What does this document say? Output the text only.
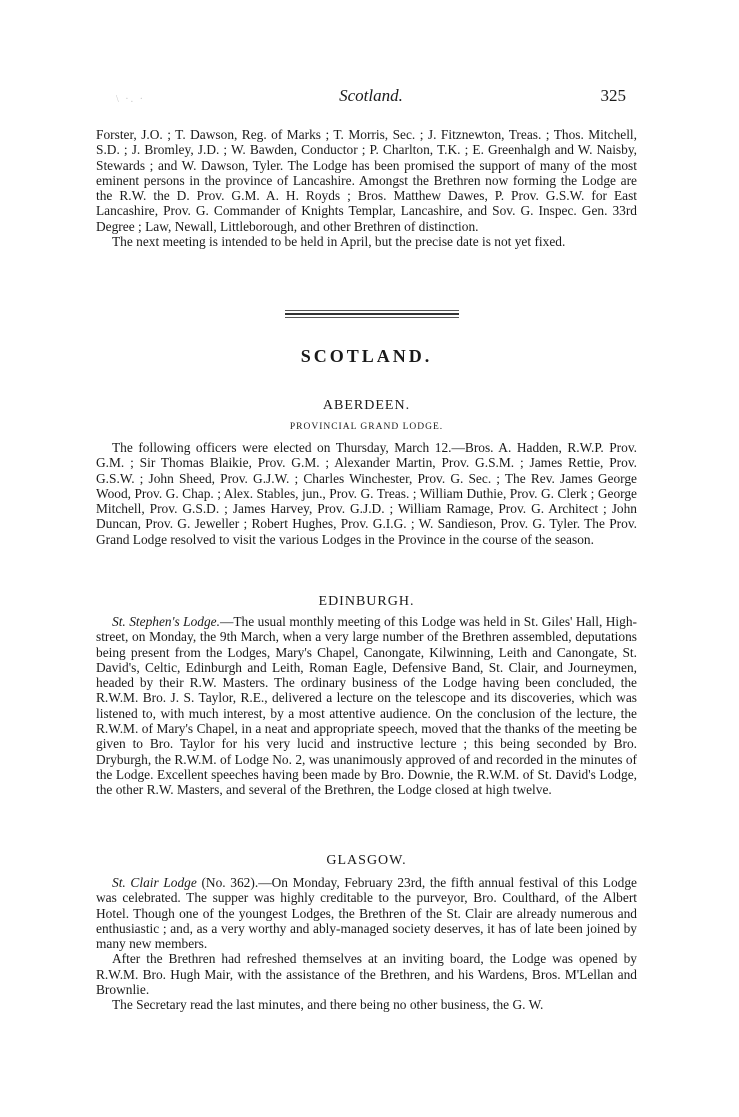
\ ·. ·	Scotland.	325

Forster, J.O. ; T. Dawson, Reg. of Marks ; T. Morris, Sec. ; J. Fitznewton, Treas. ; Thos. Mitchell, S.D. ; J. Bromley, J.D. ; W. Bawden, Conductor ; P. Charlton, T.K. ; E. Greenhalgh and W. Naisby, Stewards ; and W. Dawson, Tyler. The Lodge has been promised the support of many of the most eminent persons in the province of Lancashire. Amongst the Brethren now forming the Lodge are the R.W. the D. Prov. G.M. A. H. Royds ; Bros. Matthew Dawes, P. Prov. G.S.W. for East Lancashire, Prov. G. Commander of Knights Templar, Lancashire, and Sov. G. Inspec. Gen. 33rd Degree ; Law, Newall, Littleborough, and other Brethren of distinction.

The next meeting is intended to be held in April, but the precise date is not yet fixed.

SCOTLAND.
ABERDEEN.
PROVINCIAL GRAND LODGE.

The following officers were elected on Thursday, March 12.—Bros. A. Hadden, R.W.P. Prov. G.M. ; Sir Thomas Blaikie, Prov. G.M. ; Alexander Martin, Prov. G.S.M. ; James Rettie, Prov. G.S.W. ; John Sheed, Prov. G.J.W. ; Charles Winchester, Prov. G. Sec. ; The Rev. James George Wood, Prov. G. Chap. ; Alex. Stables, jun., Prov. G. Treas. ; William Duthie, Prov. G. Clerk ; George Mitchell, Prov. G.S.D. ; James Harvey, Prov. G.J.D. ; William Ramage, Prov. G. Architect ; John Duncan, Prov. G. Jeweller ; Robert Hughes, Prov. G.I.G. ; W. Sandieson, Prov. G. Tyler. The Prov. Grand Lodge resolved to visit the various Lodges in the Province in the course of the season.

EDINBURGH.

St. Stephen's Lodge.—The usual monthly meeting of this Lodge was held in St. Giles' Hall, High-street, on Monday, the 9th March, when a very large number of the Brethren assembled, deputations being present from the Lodges, Mary's Chapel, Canongate, Kilwinning, Leith and Canongate, St. David's, Celtic, Edinburgh and Leith, Roman Eagle, Defensive Band, St. Clair, and Journeymen, headed by their R.W. Masters. The ordinary business of the Lodge having been concluded, the R.W.M. Bro. J. S. Taylor, R.E., delivered a lecture on the telescope and its discoveries, which was listened to, with much interest, by a most attentive audience. On the conclusion of the lecture, the R.W.M. of Mary's Chapel, in a neat and appropriate speech, moved that the thanks of the meeting be given to Bro. Taylor for his very lucid and instructive lecture ; this being seconded by Bro. Dryburgh, the R.W.M. of Lodge No. 2, was unanimously approved of and recorded in the minutes of the Lodge. Excellent speeches having been made by Bro. Downie, the R.W.M. of St. David's Lodge, the other R.W. Masters, and several of the Brethren, the Lodge closed at high twelve.

GLASGOW.

St. Clair Lodge (No. 362).—On Monday, February 23rd, the fifth annual festival of this Lodge was celebrated. The supper was highly creditable to the purveyor, Bro. Coulthard, of the Albert Hotel. Though one of the youngest Lodges, the Brethren of the St. Clair are already numerous and enthusiastic ; and, as a very worthy and ably-managed society deserves, it has of late been joined by many new members.

After the Brethren had refreshed themselves at an inviting board, the Lodge was opened by R.W.M. Bro. Hugh Mair, with the assistance of the Brethren, and his Wardens, Bros. M'Lellan and Brownlie.

The Secretary read the last minutes, and there being no other business, the G. W.
